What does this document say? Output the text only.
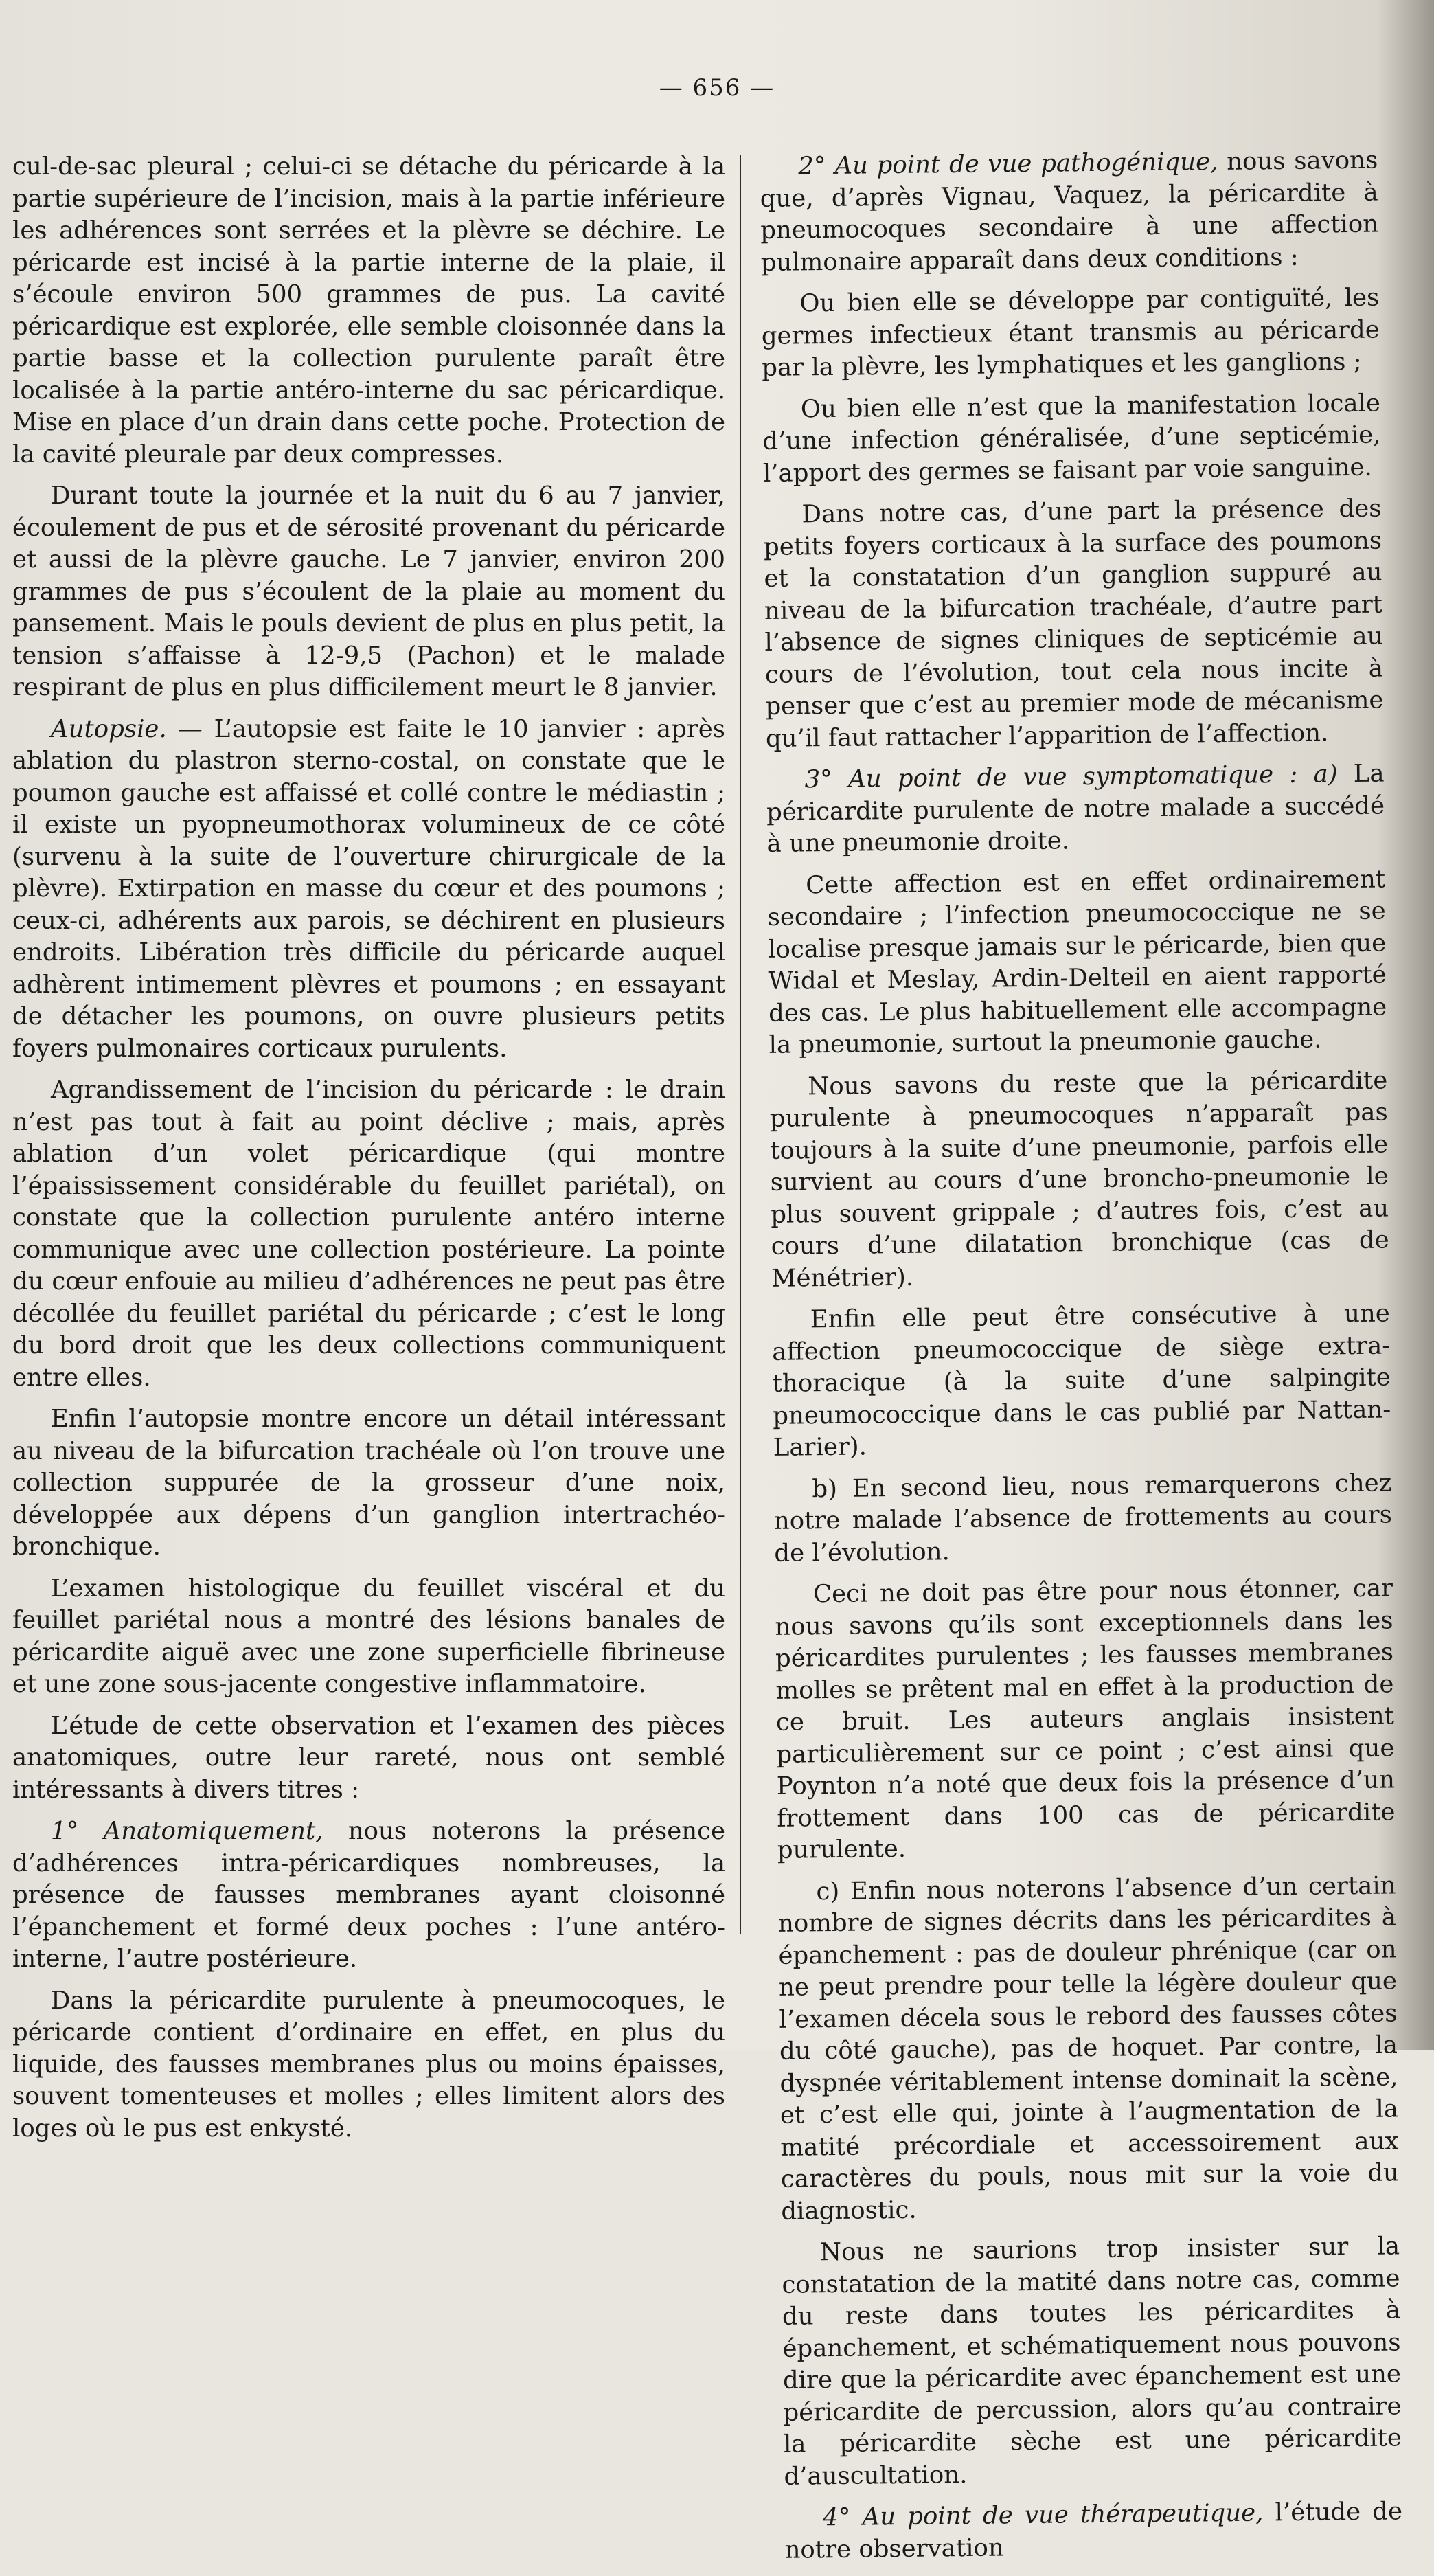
— 656 —

cul-de-sac pleural ; celui-ci se détache du péricarde à la partie supérieure de l’incision, mais à la partie inférieure les adhérences sont serrées et la plèvre se déchire. Le péricarde est incisé à la partie interne de la plaie, il s’écoule environ 500 grammes de pus. La cavité péricardique est explorée, elle semble cloisonnée dans la partie basse et la collection purulente paraît être localisée à la partie antéro-interne du sac péricardique. Mise en place d’un drain dans cette poche. Protection de la cavité pleurale par deux compresses.

Durant toute la journée et la nuit du 6 au 7 janvier, écoulement de pus et de sérosité provenant du péricarde et aussi de la plèvre gauche. Le 7 janvier, environ 200 grammes de pus s’écoulent de la plaie au moment du pansement. Mais le pouls devient de plus en plus petit, la tension s’affaisse à 12-9,5 (Pachon) et le malade respirant de plus en plus difficilement meurt le 8 janvier.

Autopsie. — L’autopsie est faite le 10 janvier : après ablation du plastron sterno-costal, on constate que le poumon gauche est affaissé et collé contre le médiastin ; il existe un pyopneumothorax volumineux de ce côté (survenu à la suite de l’ouverture chirurgicale de la plèvre). Extirpation en masse du cœur et des poumons ; ceux-ci, adhérents aux parois, se déchirent en plusieurs endroits. Libération très difficile du péricarde auquel adhèrent intimement plèvres et poumons ; en essayant de détacher les poumons, on ouvre plusieurs petits foyers pulmonaires corticaux purulents.

Agrandissement de l’incision du péricarde : le drain n’est pas tout à fait au point déclive ; mais, après ablation d’un volet péricardique (qui montre l’épaississement considérable du feuillet pariétal), on constate que la collection purulente antéro interne communique avec une collection postérieure. La pointe du cœur enfouie au milieu d’adhérences ne peut pas être décollée du feuillet pariétal du péricarde ; c’est le long du bord droit que les deux collections communiquent entre elles.

Enfin l’autopsie montre encore un détail intéressant au niveau de la bifurcation trachéale où l’on trouve une collection suppurée de la grosseur d’une noix, développée aux dépens d’un ganglion intertrachéo-bronchique.

L’examen histologique du feuillet viscéral et du feuillet pariétal nous a montré des lésions banales de péricardite aiguë avec une zone superficielle fibrineuse et une zone sous-jacente congestive inflammatoire.

L’étude de cette observation et l’examen des pièces anatomiques, outre leur rareté, nous ont semblé intéressants à divers titres :

1° Anatomiquement, nous noterons la présence d’adhérences intra-péricardiques nombreuses, la présence de fausses membranes ayant cloisonné l’épanchement et formé deux poches : l’une antéro-interne, l’autre postérieure.

Dans la péricardite purulente à pneumocoques, le péricarde contient d’ordinaire en effet, en plus du liquide, des fausses membranes plus ou moins épaisses, souvent tomenteuses et molles ; elles limitent alors des loges où le pus est enkysté.

2° Au point de vue pathogénique, nous savons que, d’après Vignau, Vaquez, la péricardite à pneumocoques secondaire à une affection pulmonaire apparaît dans deux conditions :

Ou bien elle se développe par contiguïté, les germes infectieux étant transmis au péricarde par la plèvre, les lymphatiques et les ganglions ;

Ou bien elle n’est que la manifestation locale d’une infection généralisée, d’une septicémie, l’apport des germes se faisant par voie sanguine.

Dans notre cas, d’une part la présence des petits foyers corticaux à la surface des poumons et la constatation d’un ganglion suppuré au niveau de la bifurcation trachéale, d’autre part l’absence de signes cliniques de septicémie au cours de l’évolution, tout cela nous incite à penser que c’est au premier mode de mécanisme qu’il faut rattacher l’apparition de l’affection.

3° Au point de vue symptomatique : a) La péricardite purulente de notre malade a succédé à une pneumonie droite.

Cette affection est en effet ordinairement secondaire ; l’infection pneumococcique ne se localise presque jamais sur le péricarde, bien que Widal et Meslay, Ardin-Delteil en aient rapporté des cas. Le plus habituellement elle accompagne la pneumonie, surtout la pneumonie gauche.

Nous savons du reste que la péricardite purulente à pneumocoques n’apparaît pas toujours à la suite d’une pneumonie, parfois elle survient au cours d’une broncho-pneumonie le plus souvent grippale ; d’autres fois, c’est au cours d’une dilatation bronchique (cas de Ménétrier).

Enfin elle peut être consécutive à une affection pneumococcique de siège extra-thoracique (à la suite d’une salpingite pneumococcique dans le cas publié par Nattan-Larier).

b) En second lieu, nous remarquerons chez notre malade l’absence de frottements au cours de l’évolution.

Ceci ne doit pas être pour nous étonner, car nous savons qu’ils sont exceptionnels dans les péricardites purulentes ; les fausses membranes molles se prêtent mal en effet à la production de ce bruit. Les auteurs anglais insistent particulièrement sur ce point ; c’est ainsi que Poynton n’a noté que deux fois la présence d’un frottement dans 100 cas de péricardite purulente.

c) Enfin nous noterons l’absence d’un certain nombre de signes décrits dans les péricardites à épanchement : pas de douleur phrénique (car on ne peut prendre pour telle la légère douleur que l’examen décela sous le rebord des fausses côtes du côté gauche), pas de hoquet. Par contre, la dyspnée véritablement intense dominait la scène, et c’est elle qui, jointe à l’augmentation de la matité précordiale et accessoirement aux caractères du pouls, nous mit sur la voie du diagnostic.

Nous ne saurions trop insister sur la constatation de la matité dans notre cas, comme du reste dans toutes les péricardites à épanchement, et schématiquement nous pouvons dire que la péricardite avec épanchement est une péricardite de percussion, alors qu’au contraire la péricardite sèche est une péricardite d’auscultation.

4° Au point de vue thérapeutique, l’étude de notre observation
